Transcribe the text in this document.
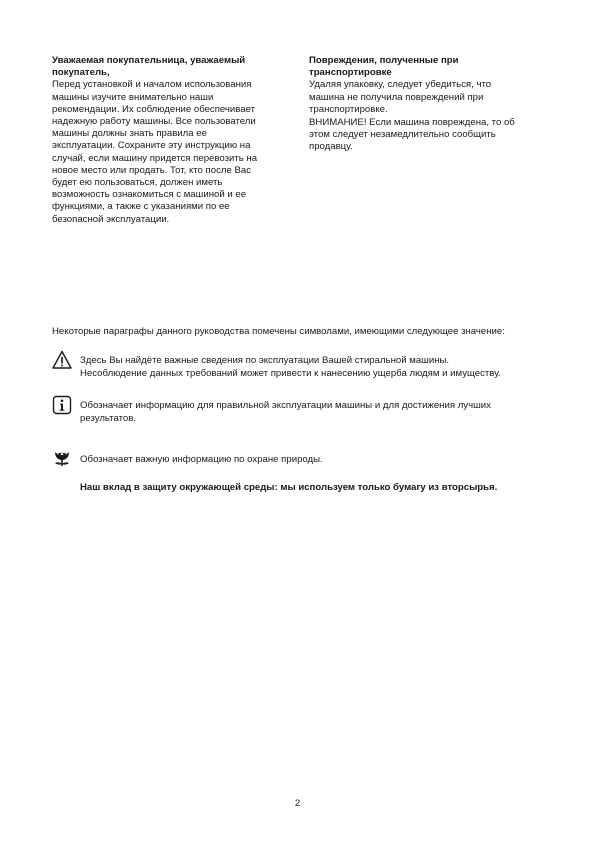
Уважаемая покупательница, уважаемый
покупатель,

Перед установкой и началом использования
машины изучите внимательно наши
рекомендации. Их соблюдение обеспечивает
надежную работу машины. Все пользователи
машины должны знать правила ее
эксплуатации. Сохраните эту инструкцию на
случай, если машину придется перевозить на
новое место или продать. Тот, кто после Вас
будет ею пользоваться, должен иметь
возможность ознакомиться с машиной и ее
функциями, а также с указаниями по ее
безопасной эксплуатации.

Повреждения, полученные при
транспортировке

Удаляя упаковку, следует убедиться, что
машина не получила повреждений при
транспортировке.

ВНИМАНИЕ! Если машина повреждена, то об
этом следует незамедлительно сообщить
продавцу.

Некоторые параграфы данного руководства помечены символами, имеющими следующее значение:
Здесь Вы найдёте важные сведения по эксплуатации Вашей стиральной машины.
Несоблюдение данных требований может привести к нанесению ущерба людям и имуществу.
Обозначает информацию для правильной эксплуатации машины и для достижения лучших
результатов.
Обозначает важную информацию по охране природы.
Наш вклад в защиту окружающей среды: мы используем только бумагу из вторсырья.
2
